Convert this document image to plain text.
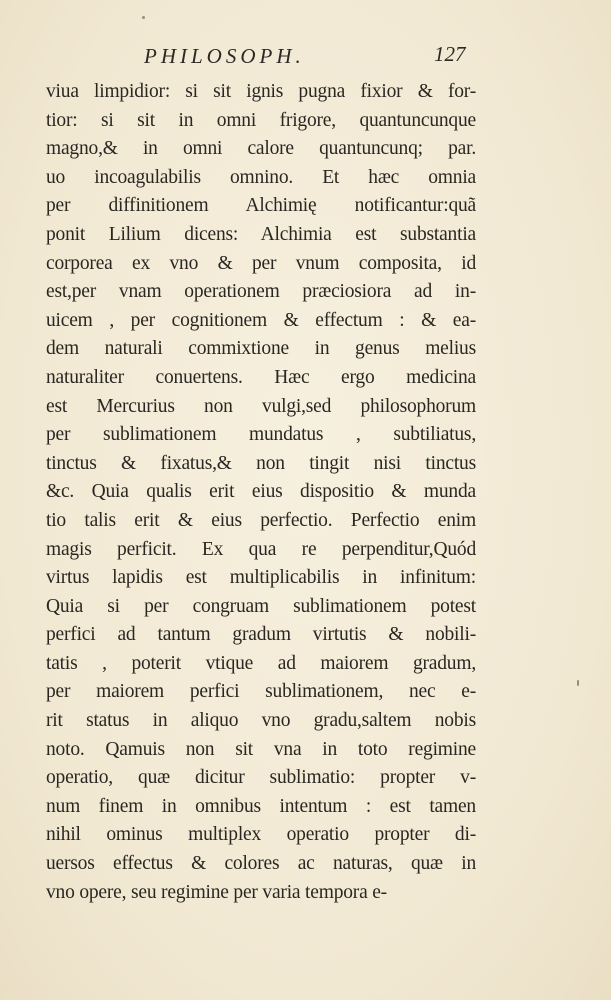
PHILOSOPH.	127
viua limpidior: si sit ignis pugna fixior & for-
tior: si sit in omni frigore, quantuncunque
magno,& in omni calore quantuncunq; par.
uo incoagulabilis omnino. Et hæc omnia
per diffinitionem Alchimię notificantur:quã
ponit Lilium dicens: Alchimia est substantia
corporea ex vno & per vnum composita, id
est,per vnam operationem præciosiora ad in-
uicem , per cognitionem & effectum : & ea-
dem naturali commixtione in genus melius
naturaliter conuertens. Hæc ergo medicina
est Mercurius non vulgi,sed philosophorum
per sublimationem mundatus , subtiliatus,
tinctus & fixatus,& non tingit nisi tinctus
&c. Quia qualis erit eius dispositio & munda
tio talis erit & eius perfectio. Perfectio enim
magis perficit. Ex qua re perpenditur,Quód
virtus lapidis est multiplicabilis in infinitum:
Quia si per congruam sublimationem potest
perfici ad tantum gradum virtutis & nobili-
tatis , poterit vtique ad maiorem gradum,
per maiorem perfici sublimationem, nec e-
rit status in aliquo vno gradu,saltem nobis
noto. Qamuis non sit vna in toto regimine
operatio, quæ dicitur sublimatio: propter v-
num finem in omnibus intentum : est tamen
nihil ominus multiplex operatio propter di-
uersos effectus & colores ac naturas, quæ in
vno opere, seu regimine per varia tempora e-
